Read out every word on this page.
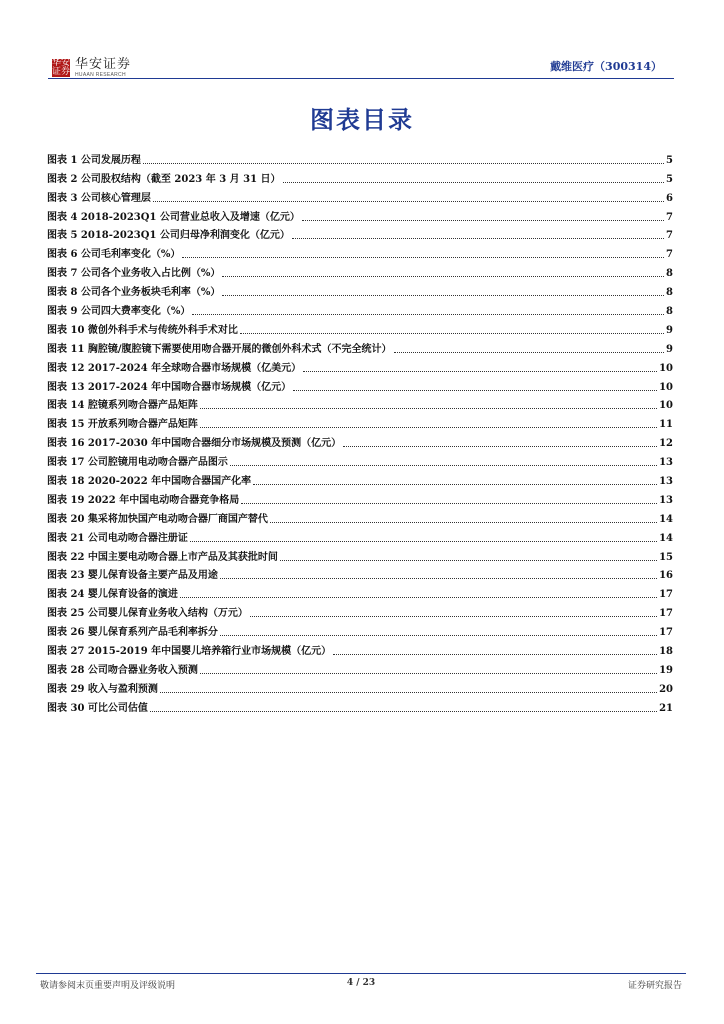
华 安
证 券 华安证券
HUAAN RESEARCH
戴维医疗（300314）
图表目录
图表 1 公司发展历程	5
图表 2 公司股权结构（截至 2023 年 3 月 31 日）	5
图表 3 公司核心管理层	6
图表 4 2018-2023Q1 公司营业总收入及增速（亿元）	7
图表 5 2018-2023Q1 公司归母净利润变化（亿元）	7
图表 6 公司毛利率变化（%）	7
图表 7 公司各个业务收入占比例（%）	8
图表 8 公司各个业务板块毛利率（%）	8
图表 9 公司四大费率变化（%）	8
图表 10 微创外科手术与传统外科手术对比	9
图表 11 胸腔镜/腹腔镜下需要使用吻合器开展的微创外科术式（不完全统计）	9
图表 12 2017-2024 年全球吻合器市场规模（亿美元）	10
图表 13 2017-2024 年中国吻合器市场规模（亿元）	10
图表 14 腔镜系列吻合器产品矩阵	10
图表 15 开放系列吻合器产品矩阵	11
图表 16 2017-2030 年中国吻合器细分市场规模及预测（亿元）	12
图表 17 公司腔镜用电动吻合器产品图示	13
图表 18 2020-2022 年中国吻合器国产化率	13
图表 19 2022 年中国电动吻合器竞争格局	13
图表 20 集采将加快国产电动吻合器厂商国产替代	14
图表 21 公司电动吻合器注册证	14
图表 22 中国主要电动吻合器上市产品及其获批时间	15
图表 23 婴儿保育设备主要产品及用途	16
图表 24 婴儿保育设备的演进	17
图表 25 公司婴儿保育业务收入结构（万元）	17
图表 26 婴儿保育系列产品毛利率拆分	17
图表 27 2015-2019 年中国婴儿培养箱行业市场规模（亿元）	18
图表 28 公司吻合器业务收入预测	19
图表 29 收入与盈利预测	20
图表 30 可比公司估值	21
敬请参阅末页重要声明及评级说明	4 / 23	证券研究报告
